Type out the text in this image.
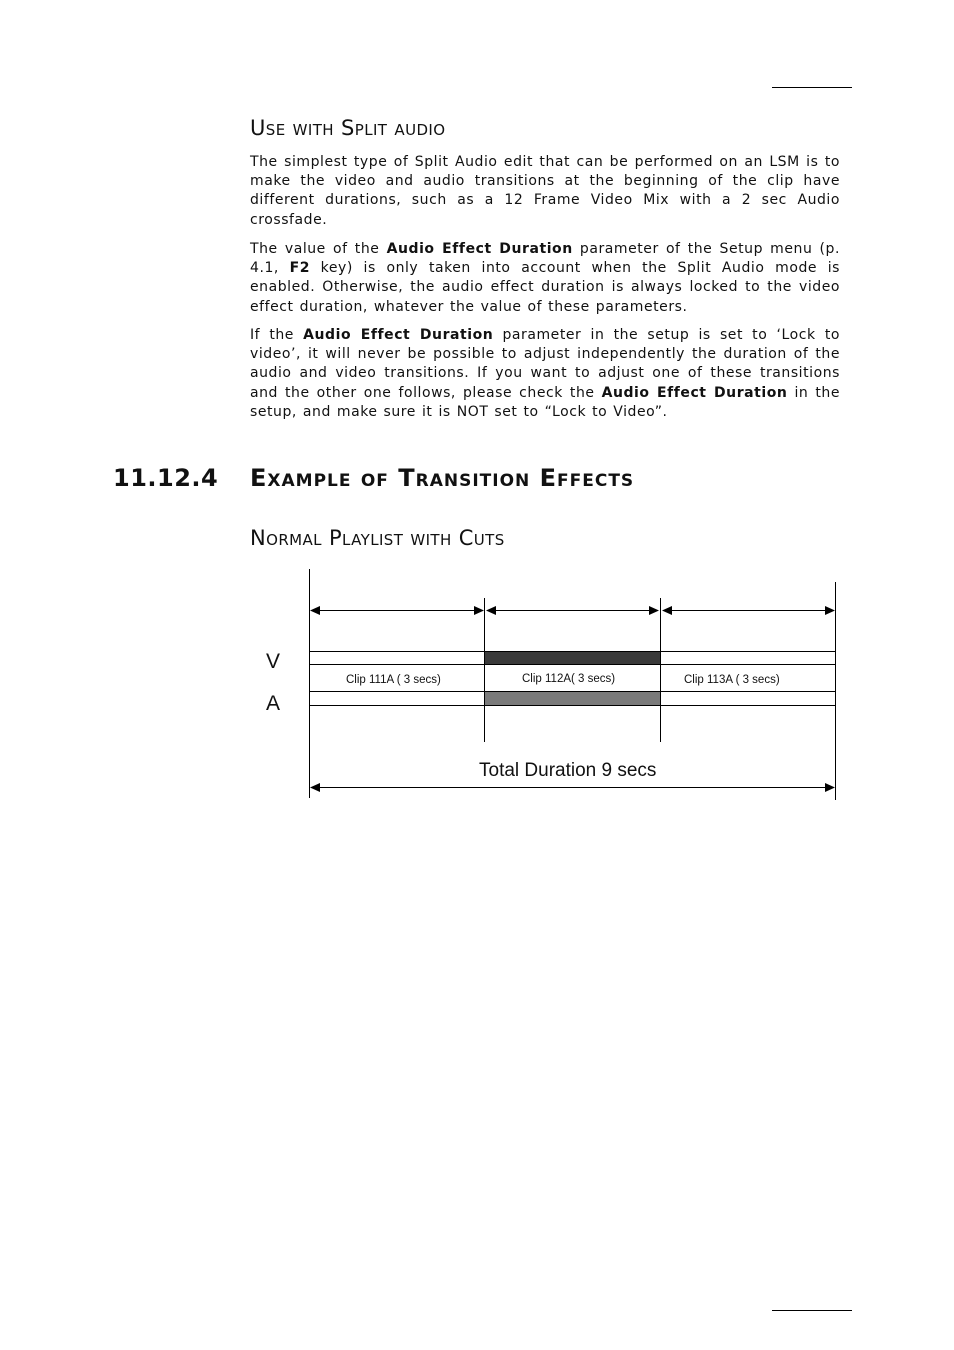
Use with Split audio

The simplest type of Split Audio edit that can be performed on an LSM is to make the video and audio transitions at the beginning of the clip have different durations, such as a 12 Frame Video Mix with a 2 sec Audio crossfade.

The value of the Audio Effect Duration parameter of the Setup menu (p. 4.1, F2 key) is only taken into account when the Split Audio mode is enabled. Otherwise, the audio effect duration is always locked to the video effect duration, whatever the value of these parameters.

If the Audio Effect Duration parameter in the setup is set to ‘Lock to video’, it will never be possible to adjust independently the duration of the audio and video transitions. If you want to adjust one of these transitions and the other one follows, please check the Audio Effect Duration in the setup, and make sure it is NOT set to “Lock to Video”.

11.12.4 Example of Transition Effects
Normal Playlist with Cuts
V
A
Clip 111A ( 3 secs)	Clip 112A( 3 secs)	Clip 113A ( 3 secs)
Total Duration 9 secs
